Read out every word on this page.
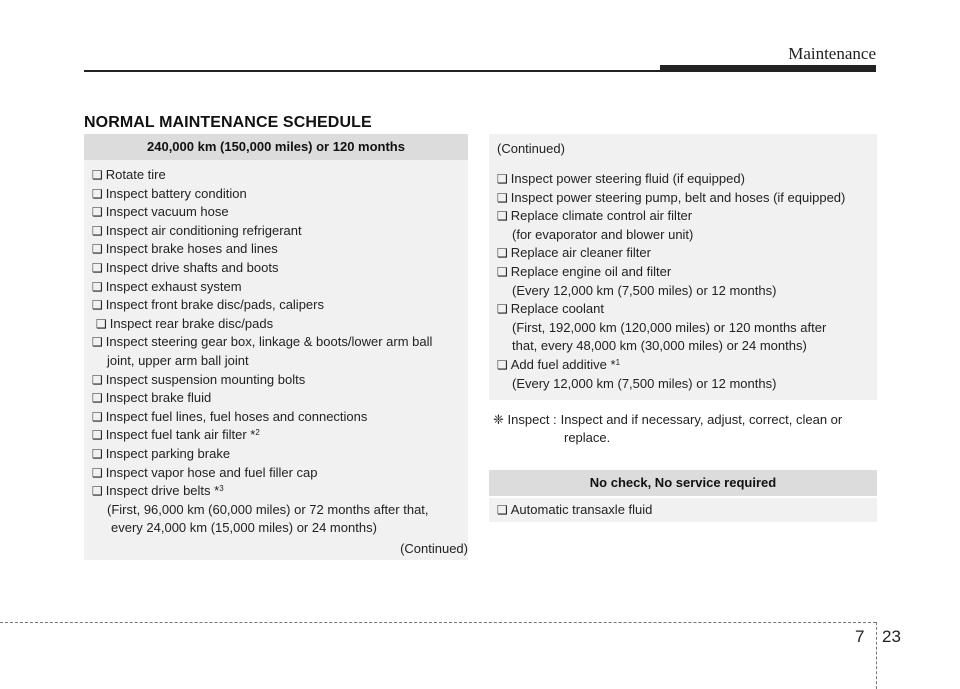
Maintenance
NORMAL MAINTENANCE SCHEDULE
240,000 km (150,000 miles) or 120 months
❑ Rotate tire
❑ Inspect battery condition
❑ Inspect vacuum hose
❑ Inspect air conditioning refrigerant
❑ Inspect brake hoses and lines
❑ Inspect drive shafts and boots
❑ Inspect exhaust system
❑ Inspect front brake disc/pads, calipers
❑ Inspect rear brake disc/pads
❑ Inspect steering gear box, linkage & boots/lower arm ball
joint, upper arm ball joint
❑ Inspect suspension mounting bolts
❑ Inspect brake fluid
❑ Inspect fuel lines, fuel hoses and connections
❑ Inspect fuel tank air filter *$^2$
❑ Inspect parking brake
❑ Inspect vapor hose and fuel filler cap
❑ Inspect drive belts *$^3$
(First, 96,000 km (60,000 miles) or 72 months after that,
every 24,000 km (15,000 miles) or 24 months)
(Continued)
(Continued)
❑ Inspect power steering fluid (if equipped)
❑ Inspect power steering pump, belt and hoses (if equipped)
❑ Replace climate control air filter
(for evaporator and blower unit)
❑ Replace air cleaner filter
❑ Replace engine oil and filter
(Every 12,000 km (7,500 miles) or 12 months)
❑ Replace coolant
(First, 192,000 km (120,000 miles) or 120 months after
that, every 48,000 km (30,000 miles) or 24 months)
❑ Add fuel additive *$^1$
(Every 12,000 km (7,500 miles) or 12 months)
❈ Inspect : Inspect and if necessary, adjust, correct, clean or
replace.
No check, No service required
❑ Automatic transaxle fluid
7 23
